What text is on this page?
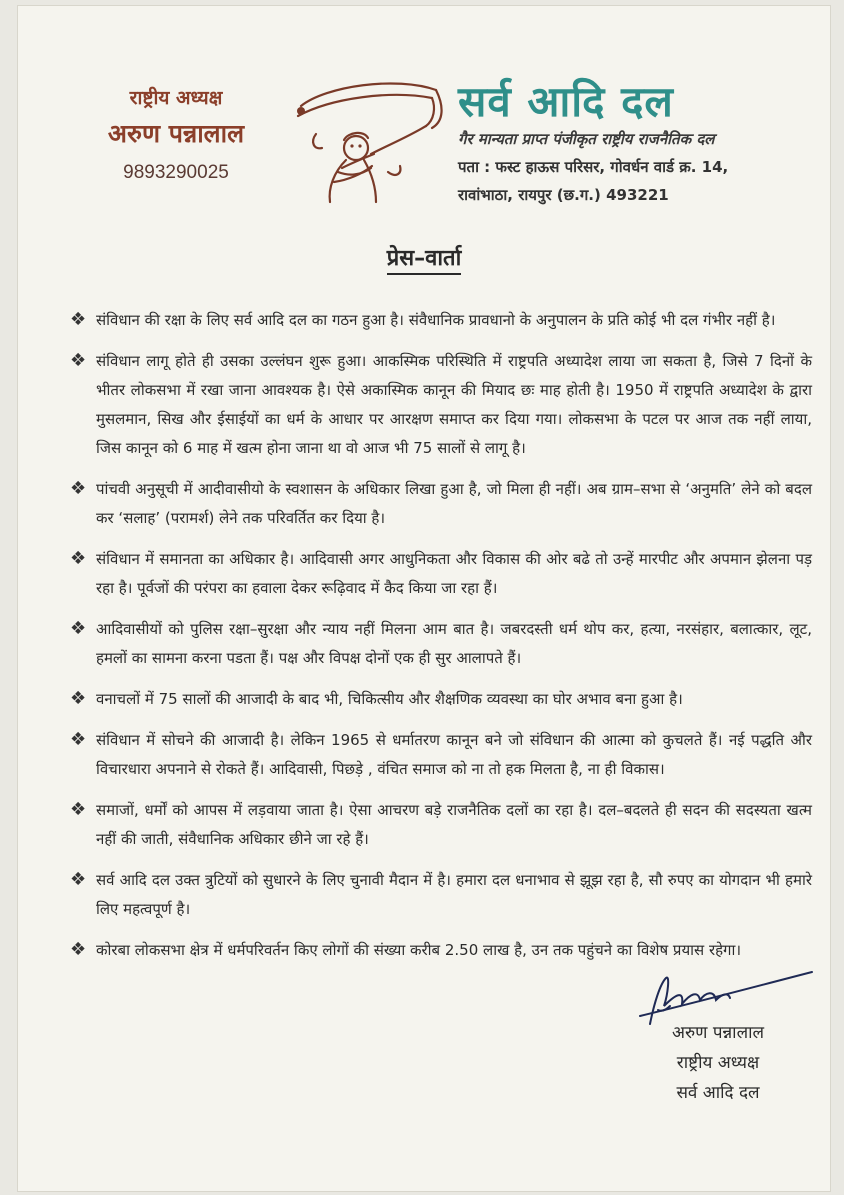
राष्ट्रीय अध्यक्ष
अरुण पन्नालाल
9893290025
सर्व आदि दल
गैर मान्यता प्राप्त पंजीकृत राष्ट्रीय राजनैतिक दल
पता : फस्ट हाऊस परिसर, गोवर्धन वार्ड क्र. 14,
रावांभाठा, रायपुर (छ.ग.) 493221
प्रेस–वार्ता
❖ संविधान की रक्षा के लिए सर्व आदि दल का गठन हुआ है। संवैधानिक प्रावधानो के अनुपालन के प्रति कोई भी दल गंभीर नहीं है।
❖ संविधान लागू होते ही उसका उल्लंघन शुरू हुआ। आकस्मिक परिस्थिति में राष्ट्रपति अध्यादेश लाया जा सकता है, जिसे 7 दिनों के भीतर लोकसभा में रखा जाना आवश्यक है। ऐसे अकास्मिक कानून की मियाद छः माह होती है। 1950 में राष्ट्रपति अध्यादेश के द्वारा मुसलमान, सिख और ईसाईयों का धर्म के आधार पर आरक्षण समाप्त कर दिया गया। लोकसभा के पटल पर आज तक नहीं लाया, जिस कानून को 6 माह में खत्म होना जाना था वो आज भी 75 सालों से लागू है।
❖ पांचवी अनुसूची में आदीवासीयो के स्वशासन के अधिकार लिखा हुआ है, जो मिला ही नहीं। अब ग्राम–सभा से ‘अनुमति’ लेने को बदल कर ‘सलाह’ (परामर्श) लेने तक परिवर्तित कर दिया है।
❖ संविधान में समानता का अधिकार है। आदिवासी अगर आधुनिकता और विकास की ओर बढे तो उन्हें मारपीट और अपमान झेलना पड़ रहा है। पूर्वजों की परंपरा का हवाला देकर रूढ़िवाद में कैद किया जा रहा हैं।
❖ आदिवासीयों को पुलिस रक्षा–सुरक्षा और न्याय नहीं मिलना आम बात है। जबरदस्ती धर्म थोप कर, हत्या, नरसंहार, बलात्कार, लूट, हमलों का सामना करना पडता हैं। पक्ष और विपक्ष दोनों एक ही सुर आलापते हैं।
❖ वनाचलों में 75 सालों की आजादी के बाद भी, चिकित्सीय और शैक्षणिक व्यवस्था का घोर अभाव बना हुआ है।
❖ संविधान में सोचने की आजादी है। लेकिन 1965 से धर्मातरण कानून बने जो संविधान की आत्मा को कुचलते हैं। नई पद्धति और विचारधारा अपनाने से रोकते हैं। आदिवासी, पिछड़े , वंचित समाज को ना तो हक मिलता है, ना ही विकास।
❖ समाजों, धर्मों को आपस में लड़वाया जाता है। ऐसा आचरण बड़े राजनैतिक दलों का रहा है। दल–बदलते ही सदन की सदस्यता खत्म नहीं की जाती, संवैधानिक अधिकार छीने जा रहे हैं।
❖ सर्व आदि दल उक्त त्रुटियों को सुधारने के लिए चुनावी मैदान में है। हमारा दल धनाभाव से झूझ रहा है, सौ रुपए का योगदान भी हमारे लिए महत्वपूर्ण है।
❖ कोरबा लोकसभा क्षेत्र में धर्मपरिवर्तन किए लोगों की संख्या करीब 2.50 लाख है, उन तक पहुंचने का विशेष प्रयास रहेगा।
अरुण पन्नालाल
राष्ट्रीय अध्यक्ष
सर्व आदि दल
